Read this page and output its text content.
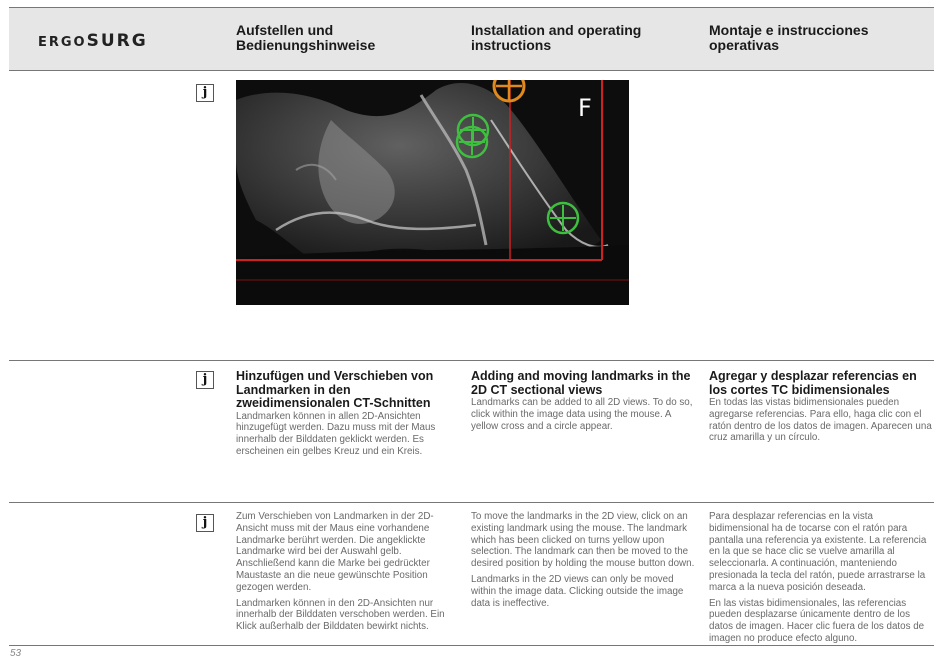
ERGOSURG
Aufstellen und Bedienungshinweise
Installation and operating instructions
Montaje e instrucciones operativas
j
F
j	Hinzufügen und Verschieben von Landmarken in den zweidimensionalen CT-Schnitten
Landmarken können in allen 2D-Ansichten hinzugefügt werden. Dazu muss mit der Maus innerhalb der Bilddaten geklickt werden. Es erscheinen ein gelbes Kreuz und ein Kreis.
Adding and moving landmarks in the 2D CT sectional views
Landmarks can be added to all 2D views. To do so, click within the image data using the mouse. A yellow cross and a circle appear.
Agregar y desplazar referencias en los cortes TC bidimensionales
En todas las vistas bidimensionales pueden agregarse referencias. Para ello, haga clic con el ratón dentro de los datos de imagen. Aparecen una cruz amarilla y un círculo.
j	Zum Verschieben von Landmarken in der 2D-Ansicht muss mit der Maus eine vorhandene Landmarke berührt werden. Die angeklickte Landmarke wird bei der Auswahl gelb. Anschließend kann die Marke bei gedrückter Maustaste an die neue gewünschte Position gezogen werden.

Landmarken können in den 2D-Ansichten nur innerhalb der Bilddaten verschoben werden. Ein Klick außerhalb der Bilddaten bewirkt nichts.

To move the landmarks in the 2D view, click on an existing landmark using the mouse. The landmark which has been clicked on turns yellow upon selection. The landmark can then be moved to the desired position by holding the mouse button down.

Landmarks in the 2D views can only be moved within the image data. Clicking outside the image data is ineffective.

Para desplazar referencias en la vista bidimensional ha de tocarse con el ratón para pantalla una referencia ya existente. La referencia en la que se hace clic se vuelve amarilla al seleccionarla. A continuación, manteniendo presionada la tecla del ratón, puede arrastrarse la marca a la nueva posición deseada.

En las vistas bidimensionales, las referencias pueden desplazarse únicamente dentro de los datos de imagen. Hacer clic fuera de los datos de imagen no produce efecto alguno.

53
